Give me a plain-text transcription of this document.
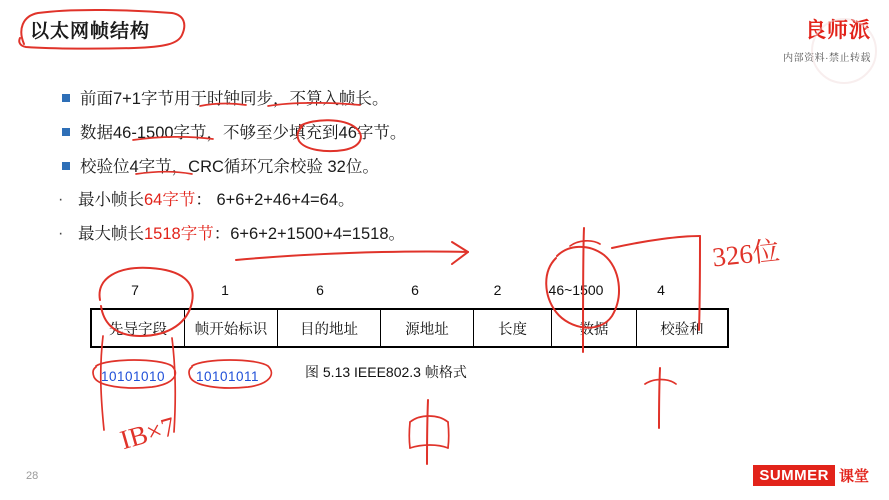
以太网帧结构	良师派
内部资料·禁止转载
前面7+1字节用于时钟同步，不算入帧长。
数据46-1500字节，不够至少填充到46字节。
校验位4字节，CRC循环冗余校验 32位。
· 最小帧长64字节： 6+6+2+46+4=64。
· 最大帧长1518字节：6+6+2+1500+4=1518。
7	1	6	6	2	46~1500	4
先导字段	帧开始标识	目的地址	源地址	长度	数据	校验和
图 5.13 IEEE802.3 帧格式
10101010 10101011
326位
IB×7
28	SUMMER 课堂
